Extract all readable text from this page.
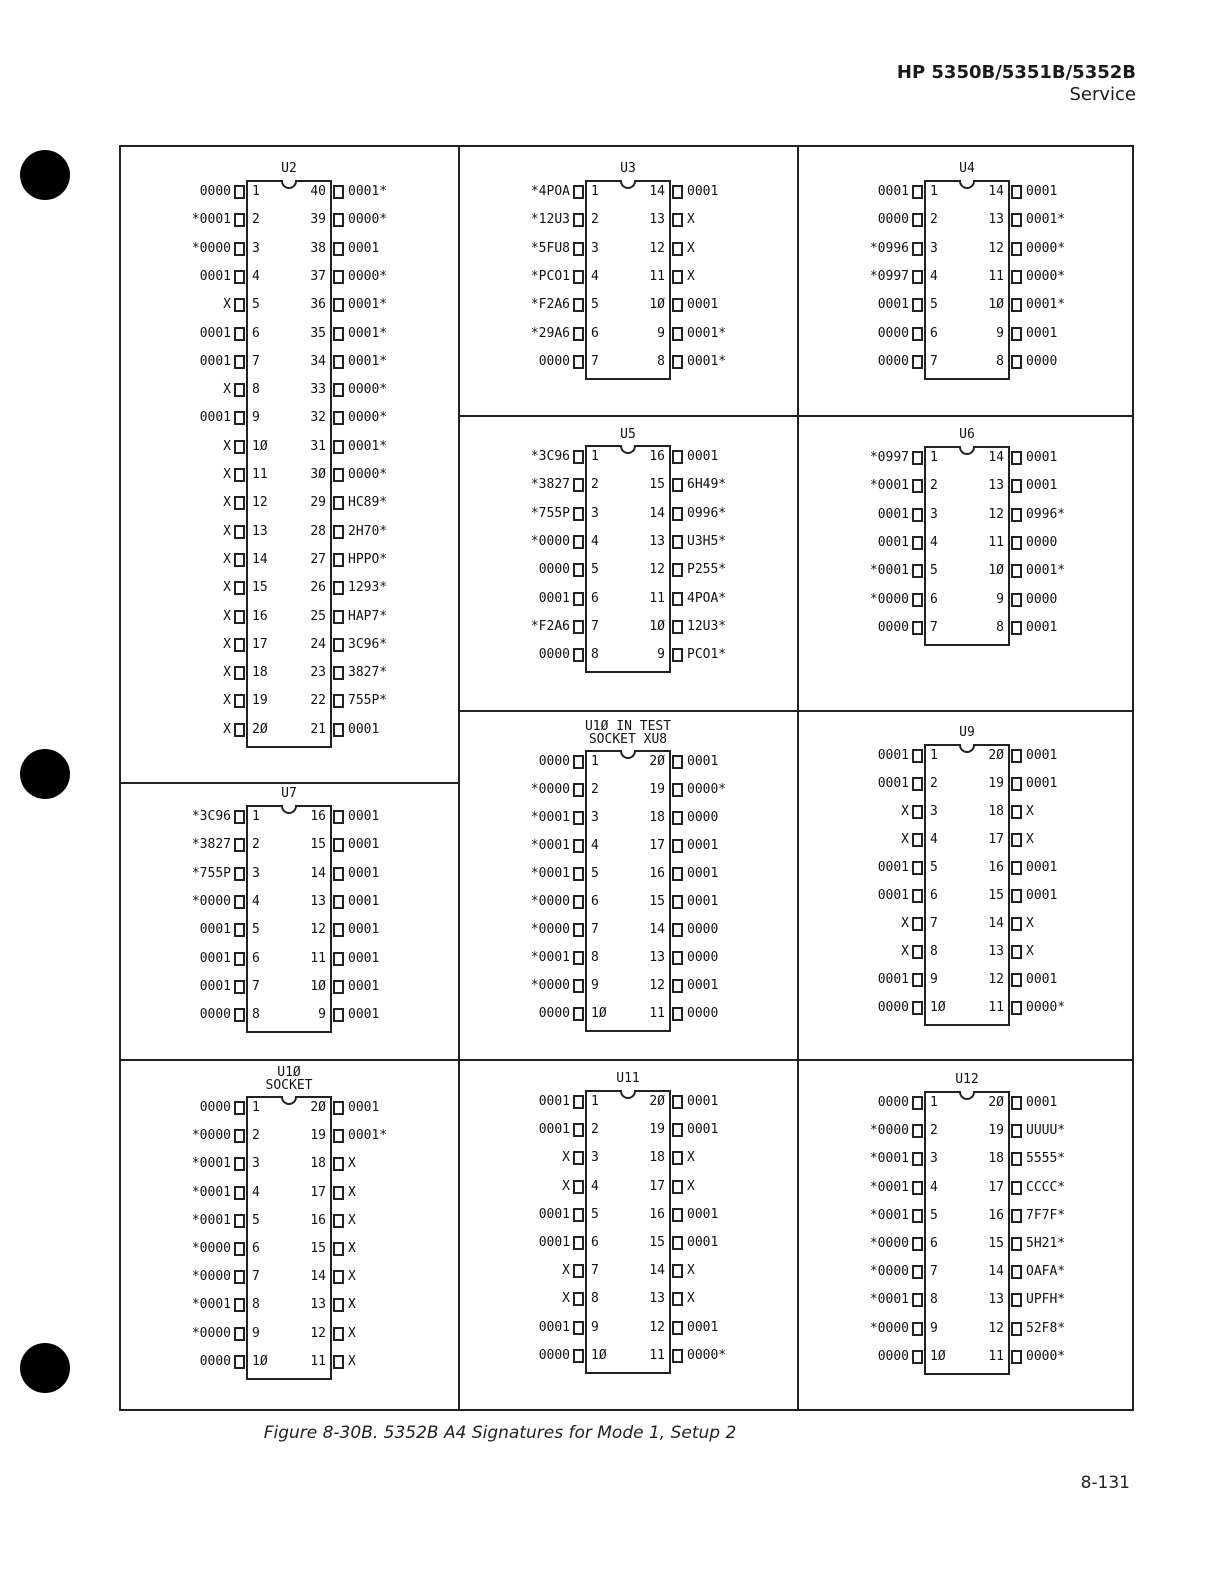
HP 5350B/5351B/5352B
Service
U2
0000 1	40 0001*
*0001 2	39 0000*
*0000 3	38 0001
0001 4	37 0000*
X 5	36 0001*
0001 6	35 0001*
0001 7	34 0001*
X 8	33 0000*
0001 9	32 0000*
X 1Ø	31 0001*
X 11	3Ø 0000*
X 12	29 HC89*
X 13	28 2H70*
X 14	27 HPPO*
X 15	26 1293*
X 16	25 HAP7*
X 17	24 3C96*
X 18	23 3827*
X 19	22 755P*
X 2Ø	21 0001
U3
*4POA 1	14 0001
*12U3 2	13 X
*5FU8 3	12 X
*PCO1 4	11 X
*F2A6 5	1Ø 0001
*29A6 6	9 0001*
0000 7	8 0001*
U4
0001 1	14 0001
0000 2	13 0001*
*0996 3	12 0000*
*0997 4	11 0000*
0001 5	1Ø 0001*
0000 6	9 0001
0000 7	8 0000
U5
*3C96 1	16 0001
*3827 2	15 6H49*
*755P 3	14 0996*
*0000 4	13 U3H5*
0000 5	12 P255*
0001 6	11 4POA*
*F2A6 7	1Ø 12U3*
0000 8	9 PCO1*
U6
*0997 1	14 0001
*0001 2	13 0001
0001 3	12 0996*
0001 4	11 0000
*0001 5	1Ø 0001*
*0000 6	9 0000
0000 7	8 0001
U7
*3C96 1	16 0001
*3827 2	15 0001
*755P 3	14 0001
*0000 4	13 0001
0001 5	12 0001
0001 6	11 0001
0001 7	1Ø 0001
0000 8	9 0001
U1Ø IN TEST
SOCKET XU8
0000 1	2Ø 0001
*0000 2	19 0000*
*0001 3	18 0000
*0001 4	17 0001
*0001 5	16 0001
*0000 6	15 0001
*0000 7	14 0000
*0001 8	13 0000
*0000 9	12 0001
0000 1Ø	11 0000
U9
0001 1	2Ø 0001
0001 2	19 0001
X 3	18 X
X 4	17 X
0001 5	16 0001
0001 6	15 0001
X 7	14 X
X 8	13 X
0001 9	12 0001
0000 1Ø	11 0000*
U1Ø
SOCKET
0000 1	2Ø 0001
*0000 2	19 0001*
*0001 3	18 X
*0001 4	17 X
*0001 5	16 X
*0000 6	15 X
*0000 7	14 X
*0001 8	13 X
*0000 9	12 X
0000 1Ø	11 X
U11
0001 1	2Ø 0001
0001 2	19 0001
X 3	18 X
X 4	17 X
0001 5	16 0001
0001 6	15 0001
X 7	14 X
X 8	13 X
0001 9	12 0001
0000 1Ø	11 0000*
U12
0000 1	2Ø 0001
*0000 2	19 UUUU*
*0001 3	18 5555*
*0001 4	17 CCCC*
*0001 5	16 7F7F*
*0000 6	15 5H21*
*0000 7	14 OAFA*
*0001 8	13 UPFH*
*0000 9	12 52F8*
0000 1Ø	11 0000*
Figure 8-30B. 5352B A4 Signatures for Mode 1, Setup 2
8-131
